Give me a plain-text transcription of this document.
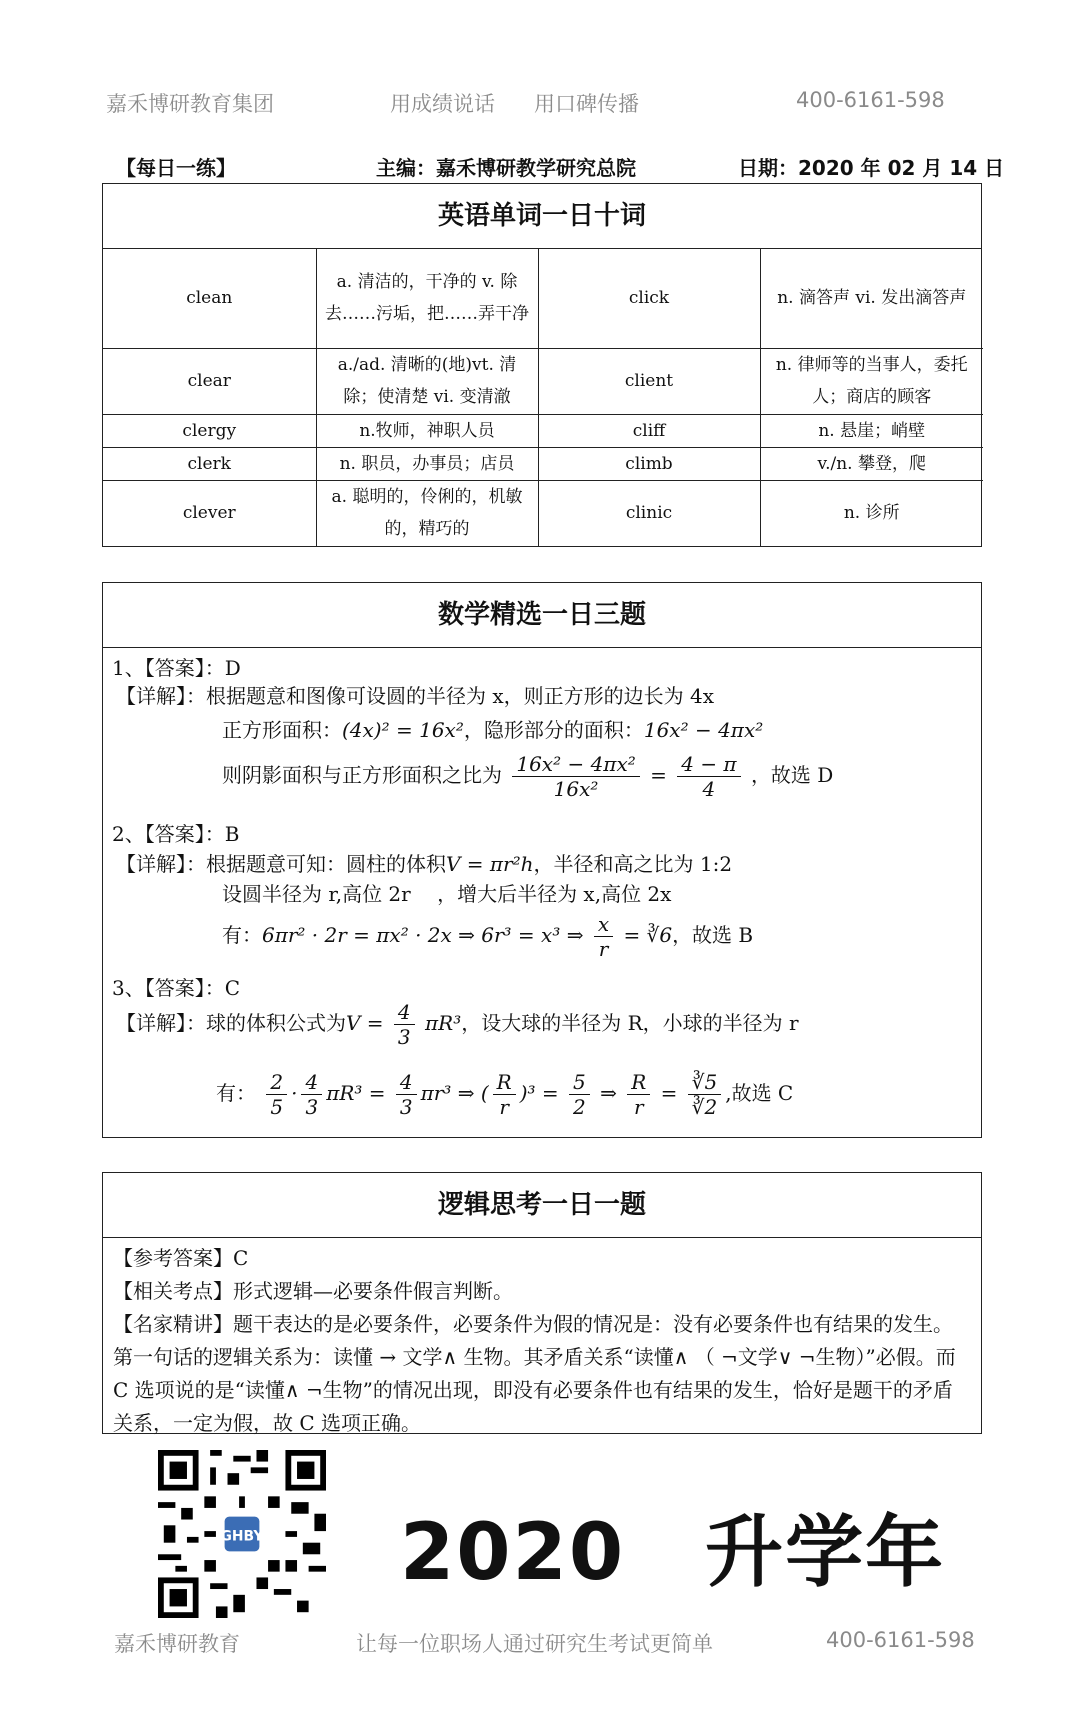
嘉禾博研教育集团	用成绩说话 用口碑传播	400-6161-598
【每日一练】	主编：嘉禾博研教学研究总院	日期：2020 年 02 月 14 日
英语单词一日十词
clean	a. 清洁的，干净的 v. 除去……污垢，把……弄干净	click	n. 滴答声 vi. 发出滴答声
clear	a./ad. 清晰的(地)vt. 清除；使清楚 vi. 变清澈	client	n. 律师等的当事人，委托人；商店的顾客
clergy	n.牧师，神职人员	cliff	n. 悬崖；峭壁
clerk	n. 职员，办事员；店员	climb	v./n. 攀登，爬
clever	a. 聪明的，伶俐的，机敏的，精巧的	clinic	n. 诊所
数学精选一日三题
1、【答案】：D
【详解】：根据题意和图像可设圆的半径为 x，则正方形的边长为 4x
正方形面积：(4x)² = 16x²，隐形部分的面积：16x² − 4πx²
则阴影面积与正方形面积之比为 $\frac{\text{16x² − 4πx²}}{\text{16x²}} = \frac{4 - \pi}{4}$ ，故选 D
2、【答案】：B
【详解】：根据题意可知：圆柱的体积V = πr²h，半径和高之比为 1:2
设圆半径为 r,高位 2r　 ，增大后半径为 x,高位 2x
有：6πr² · 2r = πx² · 2x ⇒ 6r³ = x³ ⇒ $\frac{x}{r}$ = ∛6，故选 B
3、【答案】：C
【详解】：球的体积公式为$V = \frac{4}{3} \pi R^3$，设大球的半径为 R，小球的半径为 r
有： $\frac{2}{5} \cdot \frac{4}{3} \pi R^3 = \frac{4}{3} \pi r^3$ ⇒ ( $\frac{R}{r} )^3 = \frac{5}{2}$ ⇒ $\frac{R}{r} = \frac{∛5}{∛2}$ ,故选 C
逻辑思考一日一题

【参考答案】C

【相关考点】形式逻辑—必要条件假言判断。

【名家精讲】题干表达的是必要条件，必要条件为假的情况是：没有必要条件也有结果的发生。第一句话的逻辑关系为：读懂 → 文学∧ 生物。其矛盾关系“读懂∧ （ ¬文学∨ ¬生物）”必假。而 C 选项说的是“读懂∧ ¬生物”的情况出现，即没有必要条件也有结果的发生，恰好是题干的矛盾关系，一定为假，故 C 选项正确。

GHBY 2020　升学年
嘉禾博研教育	让每一位职场人通过研究生考试更简单	400-6161-598
